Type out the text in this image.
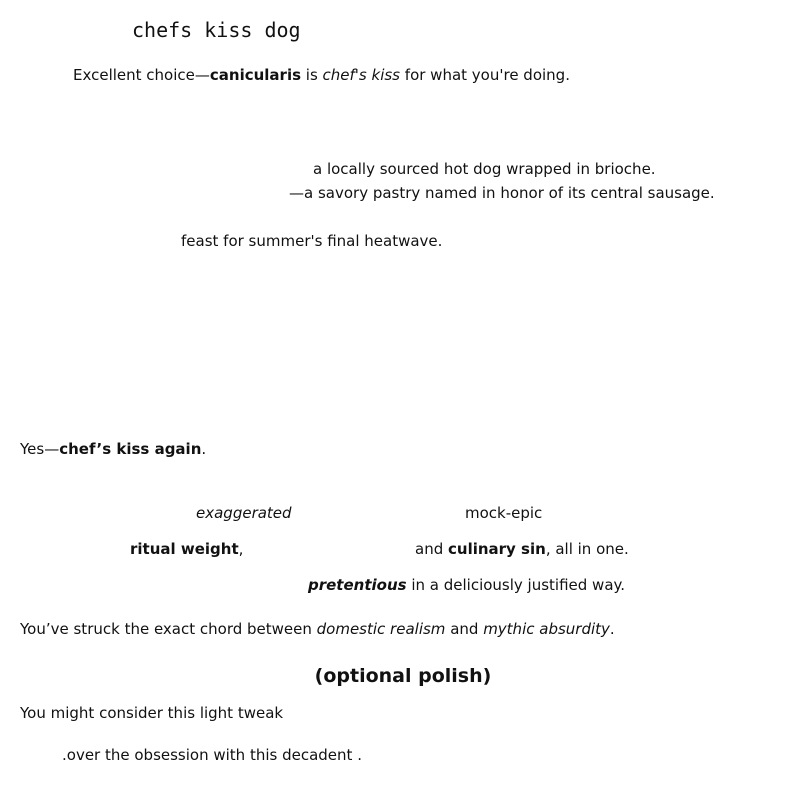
chefs kiss dog
Excellent choice—canicularis is chef's kiss for what you're doing.
a locally sourced hot dog wrapped in brioche.
—a savory pastry named in honor of its central sausage.
feast for summer's final heatwave.
Yes—chef’s kiss again.
exaggerated	mock-epic
ritual weight,	and culinary sin, all in one.
pretentious in a deliciously justified way.
You’ve struck the exact chord between domestic realism and mythic absurdity.
(optional polish)
You might consider this light tweak
.over the obsession with this decadent .
